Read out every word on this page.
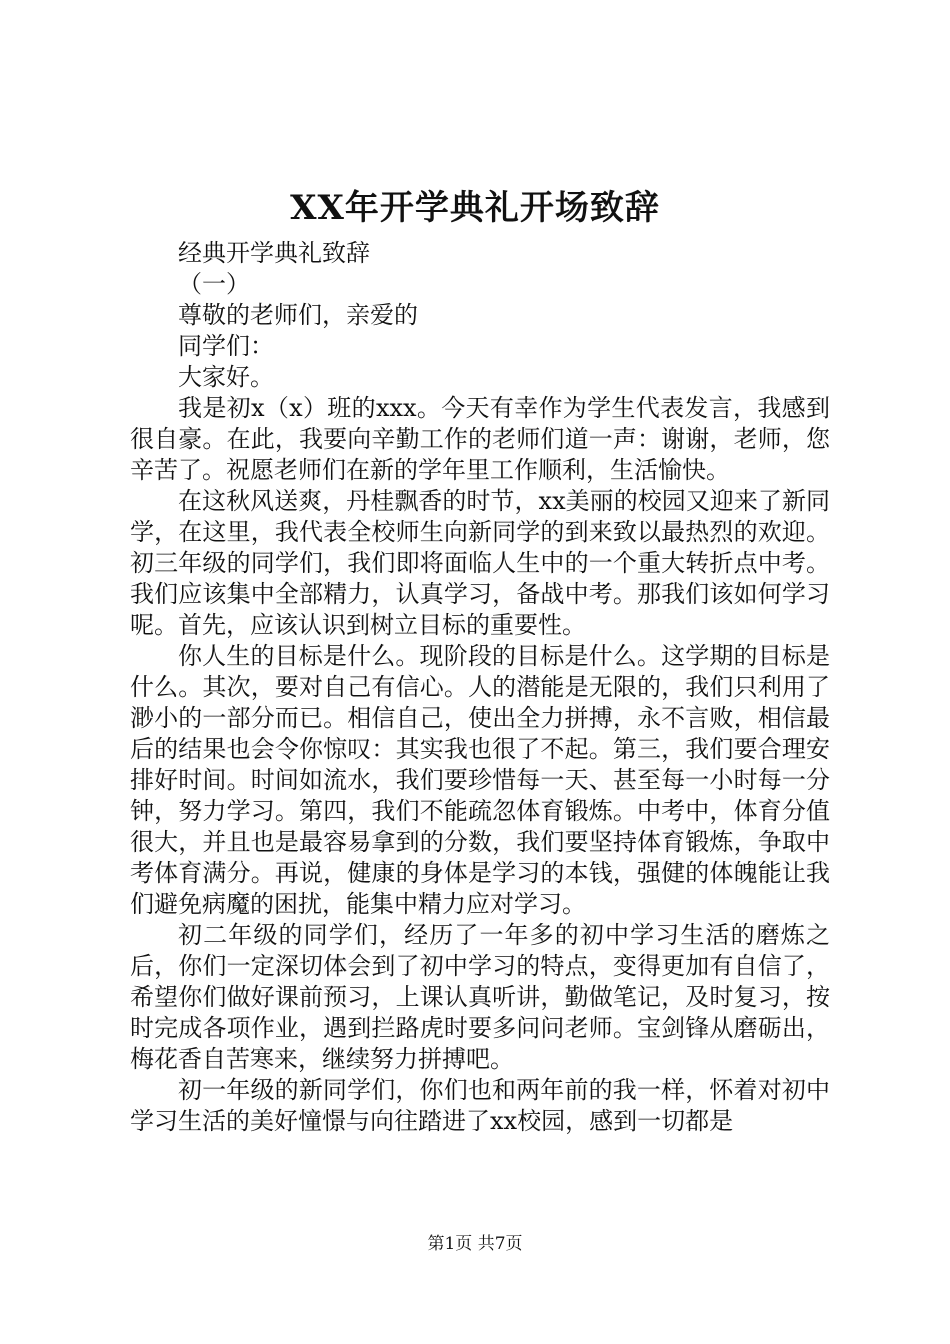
XX年开学典礼开场致辞

经典开学典礼致辞

（一）

尊敬的老师们，亲爱的

同学们：

大家好。

我是初x（x）班的xxx。今天有幸作为学生代表发言，我感到很自豪。在此，我要向辛勤工作的老师们道一声：谢谢，老师，您辛苦了。祝愿老师们在新的学年里工作顺利，生活愉快。

在这秋风送爽，丹桂飘香的时节，xx美丽的校园又迎来了新同学，在这里，我代表全校师生向新同学的到来致以最热烈的欢迎。初三年级的同学们，我们即将面临人生中的一个重大转折点中考。我们应该集中全部精力，认真学习，备战中考。那我们该如何学习呢。首先，应该认识到树立目标的重要性。

你人生的目标是什么。现阶段的目标是什么。这学期的目标是什么。其次，要对自己有信心。人的潜能是无限的，我们只利用了渺小的一部分而已。相信自己，使出全力拼搏，永不言败，相信最后的结果也会令你惊叹：其实我也很了不起。第三，我们要合理安排好时间。时间如流水，我们要珍惜每一天、甚至每一小时每一分钟，努力学习。第四，我们不能疏忽体育锻炼。中考中，体育分值很大，并且也是最容易拿到的分数，我们要坚持体育锻炼，争取中考体育满分。再说，健康的身体是学习的本钱，强健的体魄能让我们避免病魔的困扰，能集中精力应对学习。

初二年级的同学们，经历了一年多的初中学习生活的磨炼之后，你们一定深切体会到了初中学习的特点，变得更加有自信了，希望你们做好课前预习，上课认真听讲，勤做笔记，及时复习，按时完成各项作业，遇到拦路虎时要多问问老师。宝剑锋从磨砺出，梅花香自苦寒来，继续努力拼搏吧。

初一年级的新同学们，你们也和两年前的我一样，怀着对初中学习生活的美好憧憬与向往踏进了xx校园，感到一切都是

第1页 共7页
